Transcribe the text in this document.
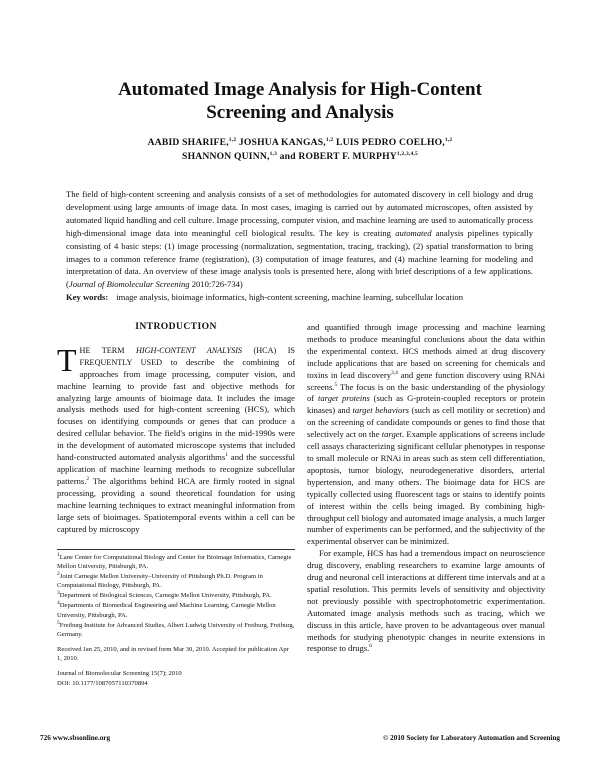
Automated Image Analysis for High-Content
Screening and Analysis
AABID SHARIFE,$^{1,2}$ JOSHUA KANGAS,$^{1,2}$ LUIS PEDRO COELHO,$^{1,2}$
SHANNON QUINN,$^{1,3}$ and ROBERT F. MURPHY$^{1,2,3,4,5}$
The field of high-content screening and analysis consists of a set of methodologies for automated discovery in cell biology and drug development using large amounts of image data. In most cases, imaging is carried out by automated microscopes, often assisted by automated liquid handling and cell culture. Image processing, computer vision, and machine learning are used to automatically process high-dimensional image data into meaningful cell biological results. The key is creating automated analysis pipelines typically consisting of 4 basic steps: (1) image processing (normalization, segmentation, tracing, tracking), (2) spatial transformation to bring images to a common reference frame (registration), (3) computation of image features, and (4) machine learning for modeling and interpretation of data. An overview of these image analysis tools is presented here, along with brief descriptions of a few applications. (Journal of Biomolecular Screening 2010:726-734)
Key words: image analysis, bioimage informatics, high-content screening, machine learning, subcellular location
INTRODUCTION

THE TERM HIGH-CONTENT ANALYSIS (HCA) IS FREQUENTLY USED to describe the combining of approaches from image processing, computer vision, and machine learning to provide fast and objective methods for analyzing large amounts of bioimage data. It includes the image analysis methods used for high-content screening (HCS), which focuses on identifying compounds or genes that can produce a desired cellular behavior. The field's origins in the mid-1990s were in the development of automated microscope systems that included hand-constructed automated analysis algorithms$^1$ and the successful application of machine learning methods to recognize subcellular patterns.$^2$ The algorithms behind HCA are firmly rooted in signal processing, providing a sound theoretical foundation for using machine learning techniques to extract meaningful information from large sets of bioimages. Spatiotemporal events within a cell can be captured by microscopy

$^1$Lane Center for Computational Biology and Center for Bioimage Informatics, Carnegie Mellon University, Pittsburgh, PA.

$^2$Joint Carnegie Mellon University–University of Pittsburgh Ph.D. Program in Computational Biology, Pittsburgh, PA.

$^3$Department of Biological Sciences, Carnegie Mellon University, Pittsburgh, PA.

$^4$Departments of Biomedical Engineering and Machine Learning, Carnegie Mellon University, Pittsburgh, PA.

$^5$Freiburg Institute for Advanced Studies, Albert Ludwig University of Freiburg, Freiburg, Germany.

Received Jan 25, 2010, and in revised form Mar 30, 2010. Accepted for publication Apr 1, 2010.

Journal of Biomolecular Screening 15(7); 2010

DOI: 10.1177/1087057110370894

and quantified through image processing and machine learning methods to produce meaningful conclusions about the data within the experimental context. HCS methods aimed at drug discovery include applications that are based on screening for chemicals and toxins in lead discovery$^{3,4}$ and gene function discovery using RNAi screens.$^5$ The focus is on the basic understanding of the physiology of target proteins (such as G-protein-coupled receptors or protein kinases) and target behaviors (such as cell motility or secretion) and on the screening of candidate compounds or genes to find those that selectively act on the target. Example applications of screens include cell assays characterizing significant cellular phenotypes in response to small molecule or RNAi in areas such as stem cell differentiation, apoptosis, tumor biology, neurodegenerative disorders, arterial hypertension, and many others. The bioimage data for HCS are typically collected using fluorescent tags or stains to identify points of interest within the cells being imaged. By combining high-throughput cell biology and automated image analysis, a much larger number of experiments can be performed, and the subjectivity of the experimental observer can be minimized.

For example, HCS has had a tremendous impact on neuroscience drug discovery, enabling researchers to examine large amounts of drug and neuronal cell interactions at different time intervals and at a spatial resolution. This permits levels of sensitivity and objectivity not previously possible with spectrophotometric experimentation. Automated image analysis methods such as tracing, which we discuss in this article, have proven to be advantageous over manual methods for studying phenotypic changes in neurite extensions in response to drugs.$^6$

726 www.sbsonline.org	© 2010 Society for Laboratory Automation and Screening
